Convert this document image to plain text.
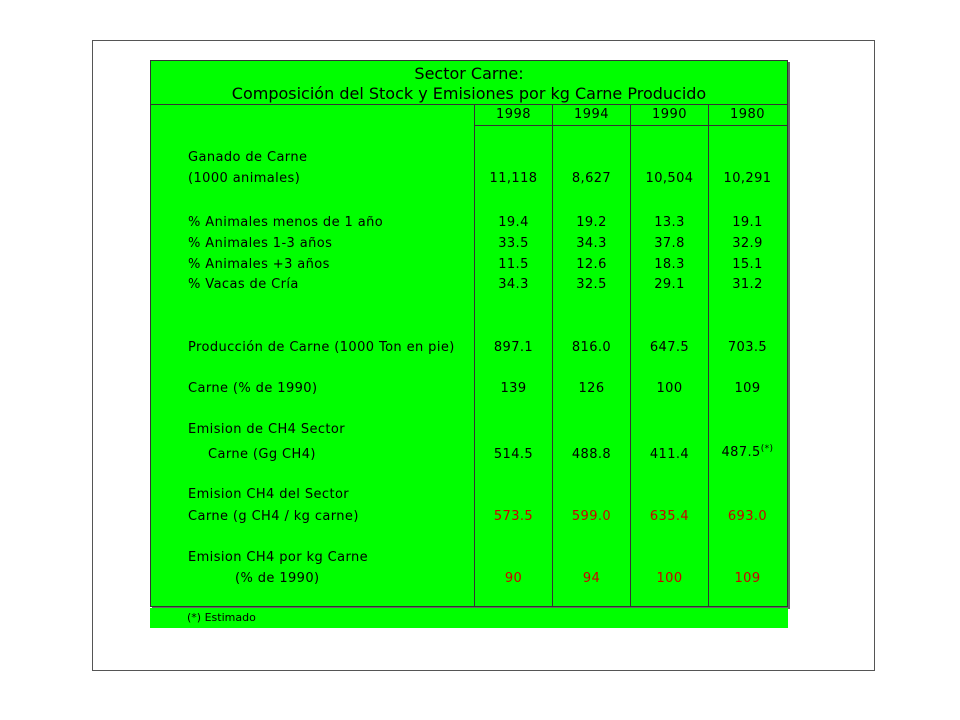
Sector Carne:
Composición del Stock y Emisiones por kg Carne Producido
1998	1994	1990	1980
Ganado de Carne
(1000 animales)	11,118	8,627	10,504	10,291
% Animales menos de 1 año	19.4	19.2	13.3	19.1
% Animales 1-3 años	33.5	34.3	37.8	32.9
% Animales +3 años	11.5	12.6	18.3	15.1
% Vacas de Cría	34.3	32.5	29.1	31.2
Producción de Carne (1000 Ton en pie)	897.1	816.0	647.5	703.5
Carne (% de 1990)	139	126	100	109
Emision de CH4 Sector
Carne (Gg CH4)	514.5	488.8	411.4	487.5(*)
Emision CH4 del Sector
Carne (g CH4 / kg carne)	573.5	599.0	635.4	693.0
Emision CH4 por kg Carne
(% de 1990)	90	94	100	109
(*) Estimado
